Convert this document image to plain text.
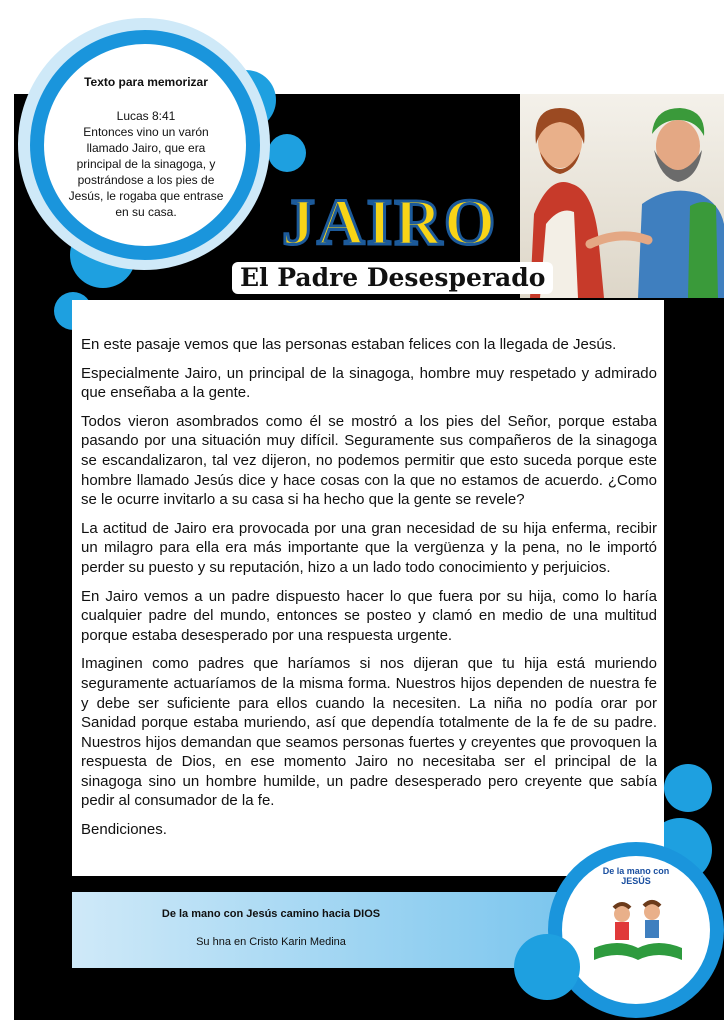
Texto para memorizar
Lucas 8:41
Entonces vino un varón llamado Jairo, que era principal de la sinagoga, y postrándose a los pies de Jesús, le rogaba que entrase en su casa.	JAIRO
El Padre Desesperado

En este pasaje vemos que las personas estaban felices con la llegada de Jesús.

Especialmente Jairo, un principal de la sinagoga, hombre muy respetado y admirado que enseñaba a la gente.

Todos vieron asombrados como él se mostró a los pies del Señor, porque estaba pasando por una situación muy difícil. Seguramente sus compañeros de la sinagoga se escandalizaron, tal vez dijeron, no podemos permitir que esto suceda porque este hombre llamado Jesús dice y hace cosas con la que no estamos de acuerdo. ¿Como se le ocurre invitarlo a su casa si ha hecho que la gente se revele?

La actitud de Jairo era provocada por una gran necesidad de su hija enferma, recibir un milagro para ella era más importante que la vergüenza y la pena, no le importó perder su puesto y su reputación, hizo a un lado todo conocimiento y perjuicios.

En Jairo vemos a un padre dispuesto hacer lo que fuera por su hija, como lo haría cualquier padre del mundo, entonces se posteo y clamó en medio de una multitud porque estaba desesperado por una respuesta urgente.

Imaginen como padres que haríamos si nos dijeran que tu hija está muriendo seguramente actuaríamos de la misma forma. Nuestros hijos dependen de nuestra fe y debe ser suficiente para ellos cuando la necesiten. La niña no podía orar por Sanidad porque estaba muriendo, así que dependía totalmente de la fe de su padre. Nuestros hijos demandan que seamos personas fuertes y creyentes que provoquen la respuesta de Dios, en ese momento Jairo no necesitaba ser el principal de la sinagoga sino un hombre humilde, un padre desesperado pero creyente que sabía pedir al consumador de la fe.

Bendiciones.

De la mano con Jesús camino hacia DIOS
Su hna en Cristo Karin Medina
De la mano con JESÚS
